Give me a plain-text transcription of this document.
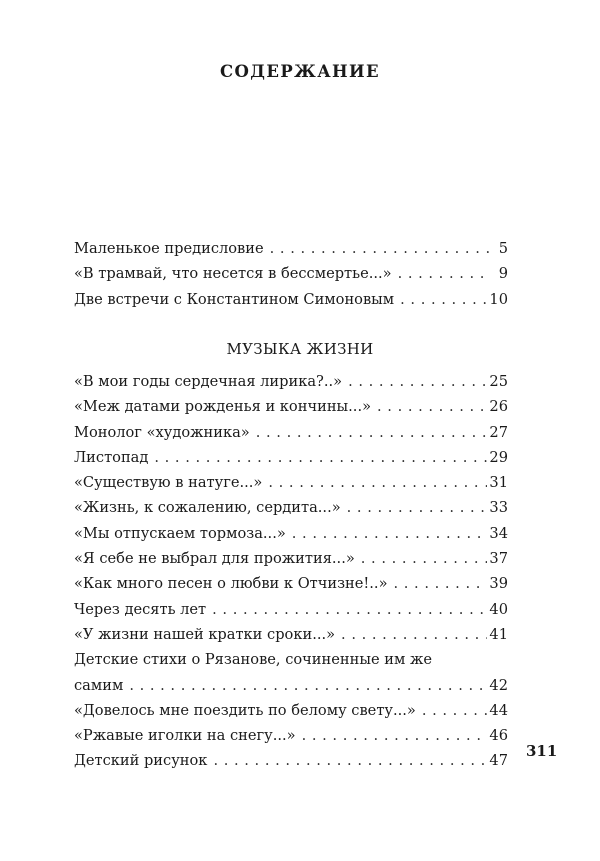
СОДЕРЖАНИЕ
Маленькое предисловие . . .	5
«В трамвай, что несется в бессмертье...» . . .	9
Две встречи с Константином Симоновым . . .	10
МУЗЫКА ЖИЗНИ
«В мои годы сердечная лирика?..» . . .	25
«Меж датами рожденья и кончины...» . . .	26
Монолог «художника» . . .	27
Листопад . . .	29
«Существую в натуге...» . . .	31
«Жизнь, к сожалению, сердита...» . . .	33
«Мы отпускаем тормоза...» . . .	34
«Я себе не выбрал для прожития...» . . .	37
«Как много песен о любви к Отчизне!..» . . .	39
Через десять лет . . .	40
«У жизни нашей кратки сроки...» . . .	41
Детские стихи о Рязанове, сочиненные им же
самим . . .	42
«Довелось мне поездить по белому свету...» . . .	44
«Ржавые иголки на снегу...» . . .	46
Детский рисунок . . .	47
311
